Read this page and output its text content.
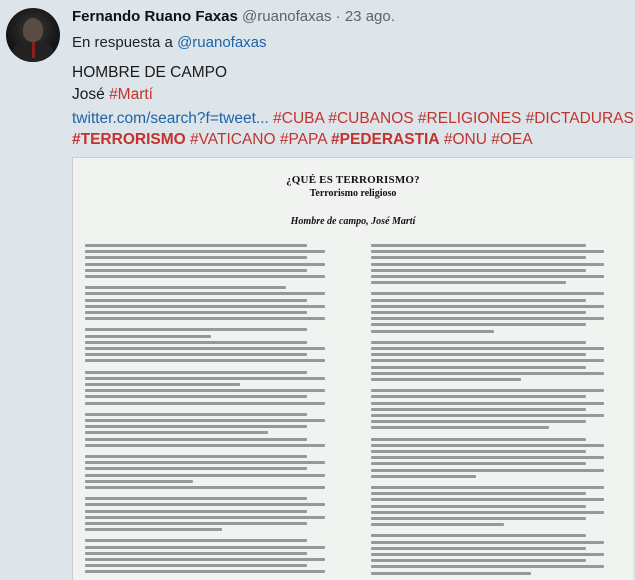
Fernando Ruano Faxas @ruanofaxas · 23 ago.
En respuesta a @ruanofaxas
HOMBRE DE CAMPO
José #Martí
twitter.com/search?f=tweet... #CUBA #CUBANOS #RELIGIONES #DICTADURAS
#TERRORISMO #VATICANO #PAPA #PEDERASTIA #ONU #OEA
¿QUÉ ES TERRORISMO?
Terrorismo religioso
Hombre de campo, José Martí
